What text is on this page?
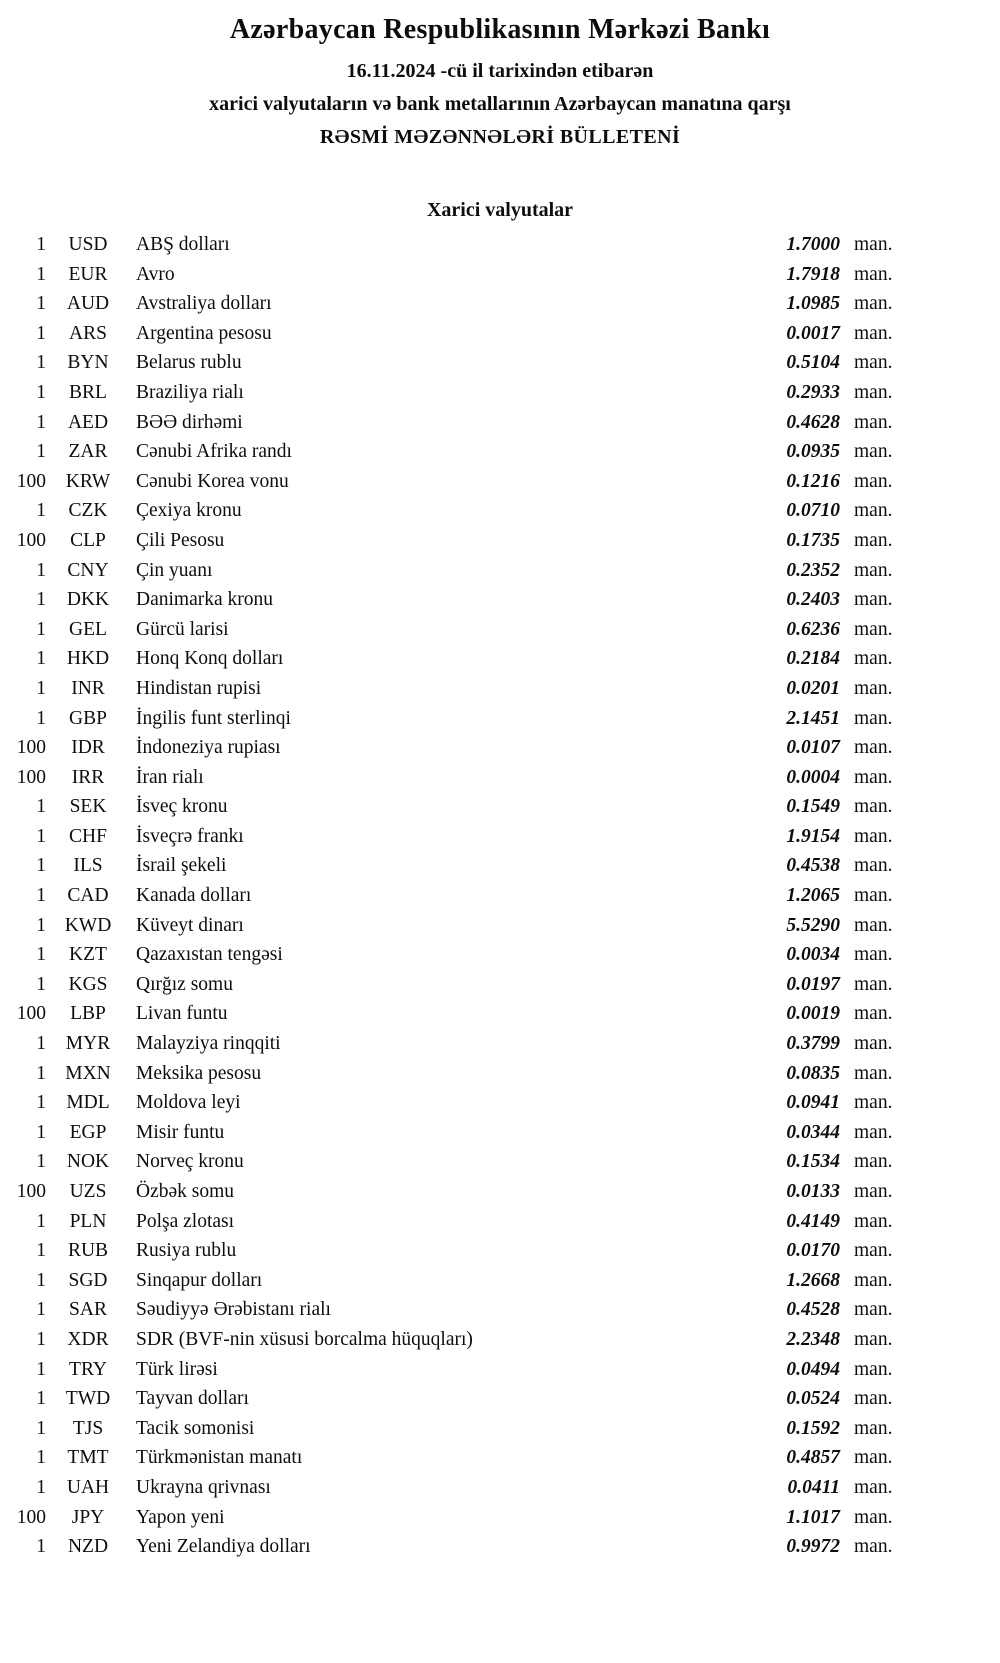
Azərbaycan Respublikasının Mərkəzi Bankı
16.11.2024 -cü il tarixindən etibarən
xarici valyutaların və bank metallarının Azərbaycan manatına qarşı
RƏSMİ MƏZƏNNƏLƏRİ BÜLLETENİ
Xarici valyutalar
1	USD	ABŞ dolları	1.7000 man.
1	EUR	Avro	1.7918 man.
1	AUD	Avstraliya dolları	1.0985 man.
1	ARS	Argentina pesosu	0.0017 man.
1	BYN	Belarus rublu	0.5104 man.
1	BRL	Braziliya rialı	0.2933 man.
1	AED	BƏƏ dirhəmi	0.4628 man.
1	ZAR	Cənubi Afrika randı	0.0935 man.
100	KRW	Cənubi Korea vonu	0.1216 man.
1	CZK	Çexiya kronu	0.0710 man.
100	CLP	Çili Pesosu	0.1735 man.
1	CNY	Çin yuanı	0.2352 man.
1	DKK	Danimarka kronu	0.2403 man.
1	GEL	Gürcü larisi	0.6236 man.
1	HKD	Honq Konq dolları	0.2184 man.
1	INR	Hindistan rupisi	0.0201 man.
1	GBP	İngilis funt sterlinqi	2.1451 man.
100	IDR	İndoneziya rupiası	0.0107 man.
100	IRR	İran rialı	0.0004 man.
1	SEK	İsveç kronu	0.1549 man.
1	CHF	İsveçrə frankı	1.9154 man.
1	ILS	İsrail şekeli	0.4538 man.
1	CAD	Kanada dolları	1.2065 man.
1 KWD	Küveyt dinarı	5.5290 man.
1	KZT	Qazaxıstan tengəsi	0.0034 man.
1	KGS	Qırğız somu	0.0197 man.
100	LBP	Livan funtu	0.0019 man.
1	MYR	Malayziya rinqqiti	0.3799 man.
1 MXN	Meksika pesosu	0.0835 man.
1	MDL	Moldova leyi	0.0941 man.
1	EGP	Misir funtu	0.0344 man.
1	NOK	Norveç kronu	0.1534 man.
100	UZS	Özbək somu	0.0133 man.
1	PLN	Polşa zlotası	0.4149 man.
1	RUB	Rusiya rublu	0.0170 man.
1	SGD	Sinqapur dolları	1.2668 man.
1	SAR	Səudiyyə Ərəbistanı rialı	0.4528 man.
1	XDR	SDR (BVF-nin xüsusi borcalma hüquqları)	2.2348 man.
1	TRY	Türk lirəsi	0.0494 man.
1	TWD	Tayvan dolları	0.0524 man.
1	TJS	Tacik somonisi	0.1592 man.
1	TMT	Türkmənistan manatı	0.4857 man.
1	UAH	Ukrayna qrivnası	0.0411 man.
100	JPY	Yapon yeni	1.1017 man.
1	NZD	Yeni Zelandiya dolları	0.9972 man.
